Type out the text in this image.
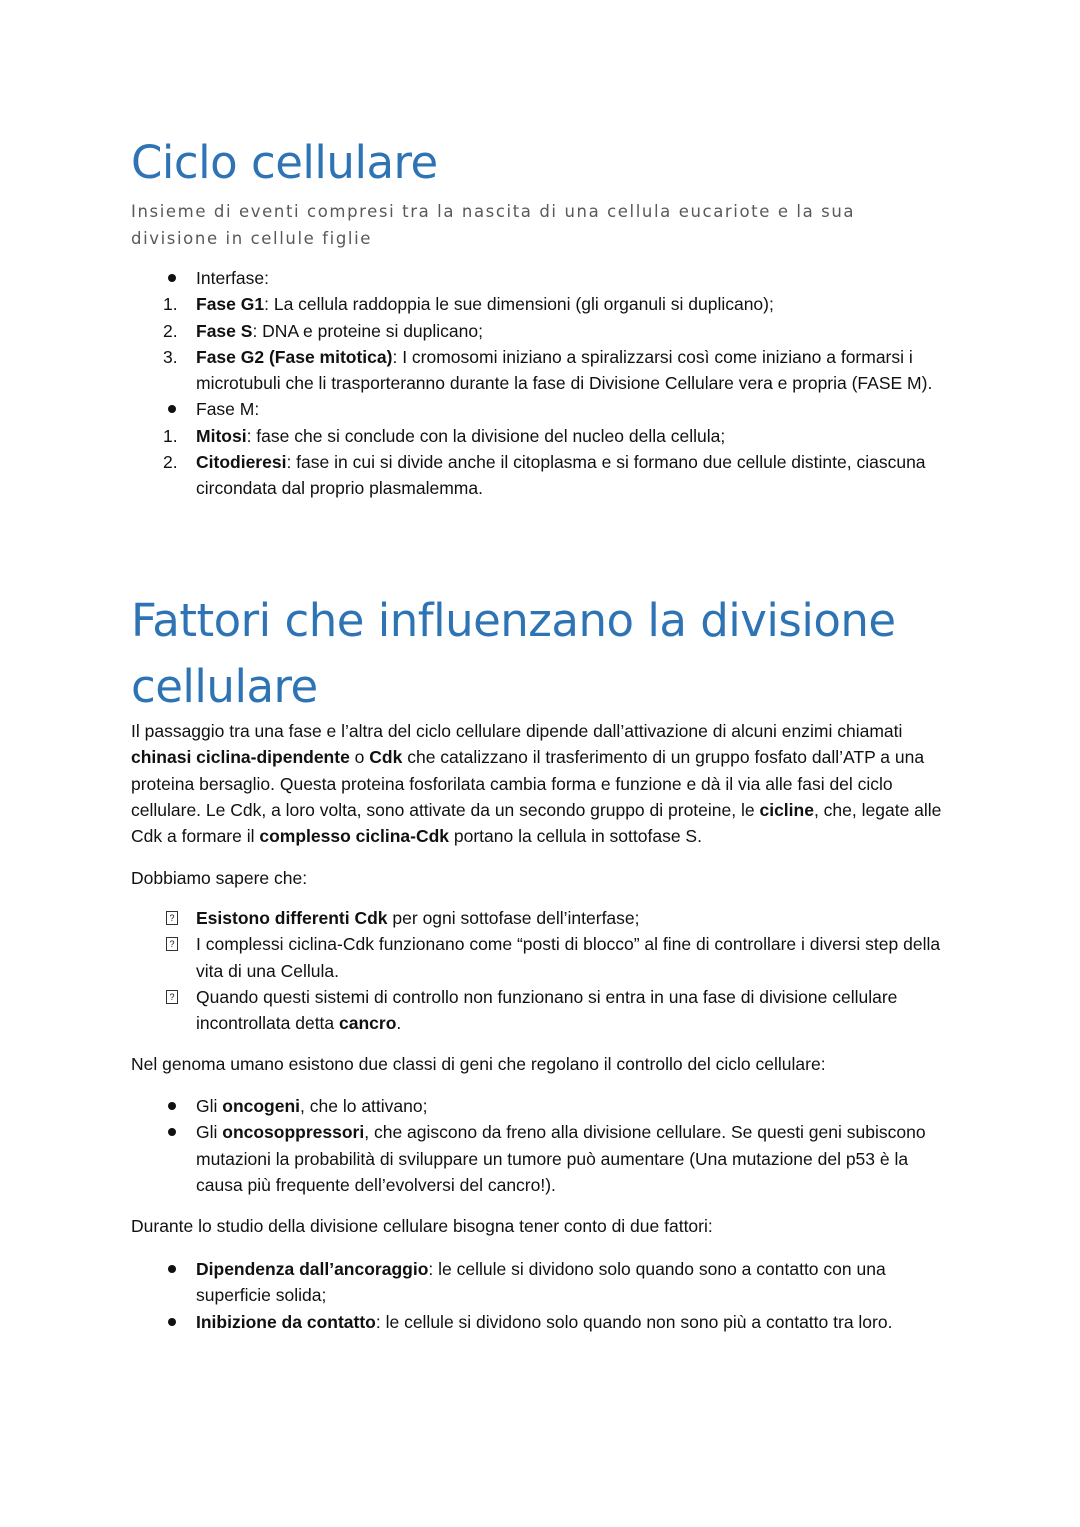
Ciclo cellulare
Insieme di eventi compresi tra la nascita di una cellula eucariote e la sua divisione in cellule figlie
Interfase:
1.	Fase G1: La cellula raddoppia le sue dimensioni (gli organuli si duplicano);
2.	Fase S: DNA e proteine si duplicano;
3.	Fase G2 (Fase mitotica): I cromosomi iniziano a spiralizzarsi così come iniziano a formarsi i microtubuli che li trasporteranno durante la fase di Divisione Cellulare vera e propria (FASE M).
Fase M:
1.	Mitosi: fase che si conclude con la divisione del nucleo della cellula;
2.	Citodieresi: fase in cui si divide anche il citoplasma e si formano due cellule distinte, ciascuna circondata dal proprio plasmalemma.
Fattori che influenzano la divisione cellulare

Il passaggio tra una fase e l’altra del ciclo cellulare dipende dall’attivazione di alcuni enzimi chiamati chinasi ciclina-dipendente o Cdk che catalizzano il trasferimento di un gruppo fosfato dall’ATP a una proteina bersaglio. Questa proteina fosforilata cambia forma e funzione e dà il via alle fasi del ciclo cellulare. Le Cdk, a loro volta, sono attivate da un secondo gruppo di proteine, le cicline, che, legate alle Cdk a formare il complesso ciclina-Cdk portano la cellula in sottofase S.

Dobbiamo sapere che:

? Esistono differenti Cdk per ogni sottofase dell’interfase;
? I complessi ciclina-Cdk funzionano come “posti di blocco” al fine di controllare i diversi step della vita di una Cellula.
? Quando questi sistemi di controllo non funzionano si entra in una fase di divisione cellulare incontrollata detta cancro.

Nel genoma umano esistono due classi di geni che regolano il controllo del ciclo cellulare:

Gli oncogeni, che lo attivano;
Gli oncosoppressori, che agiscono da freno alla divisione cellulare. Se questi geni subiscono mutazioni la probabilità di sviluppare un tumore può aumentare (Una mutazione del p53 è la causa più frequente dell’evolversi del cancro!).

Durante lo studio della divisione cellulare bisogna tener conto di due fattori:

Dipendenza dall’ancoraggio: le cellule si dividono solo quando sono a contatto con una superficie solida;
Inibizione da contatto: le cellule si dividono solo quando non sono più a contatto tra loro.
